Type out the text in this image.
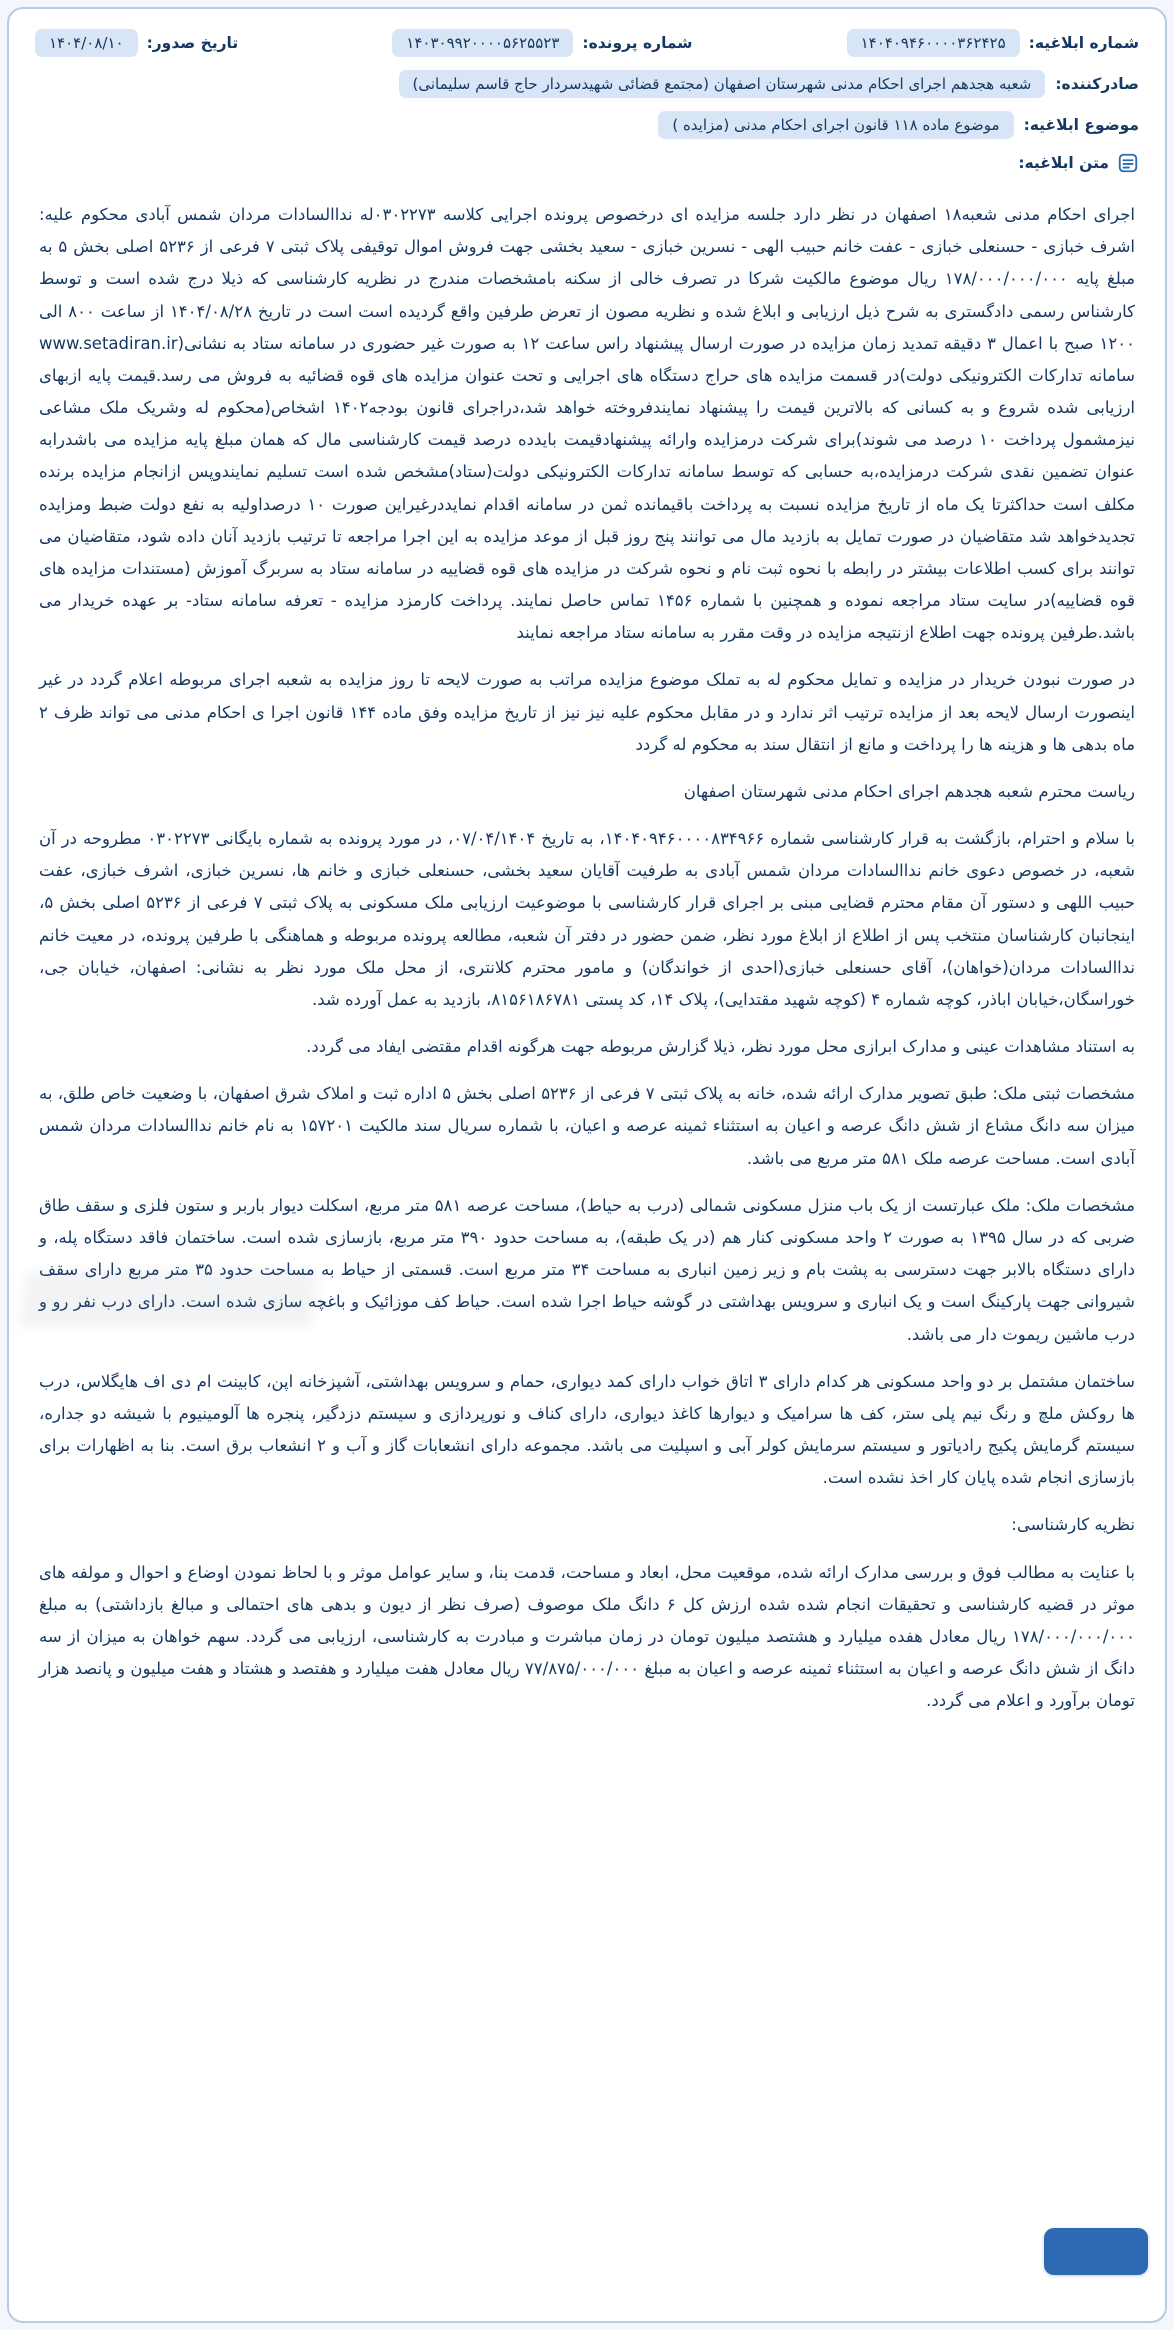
شماره ابلاغیه:
۱۴۰۴۰۹۴۶۰۰۰۰۳۶۲۴۲۵
شماره پرونده:
۱۴۰۳۰۹۹۲۰۰۰۰۵۶۲۵۵۲۳
تاریخ صدور:
۱۴۰۴/۰۸/۱۰
صادرکننده:
شعبه هجدهم اجرای احکام مدنی شهرستان اصفهان (مجتمع قضائی شهیدسردار حاج قاسم سلیمانی)
موضوع ابلاغیه:
موضوع ماده ۱۱۸ قانون اجرای احکام مدنی (مزایده )
متن ابلاغیه:

اجرای احکام مدنی شعبه۱۸ اصفهان در نظر دارد جلسه مزایده ای درخصوص پرونده اجرایی کلاسه ۰۳۰۲۲۷۳له نداالسادات مردان شمس آبادی محکوم علیه: اشرف خبازی - حسنعلی خبازی - عفت خانم حبیب الهی - نسرین خبازی - سعید بخشی جهت فروش اموال توقیفی پلاک ثبتی ۷ فرعی از ۵۲۳۶ اصلی بخش ۵ به مبلغ پایه ۱۷۸/۰۰۰/۰۰۰/۰۰۰ ریال موضوع مالکیت شرکا در تصرف خالی از سکنه بامشخصات مندرج در نظریه کارشناسی که ذیلا درج شده است و توسط کارشناس رسمی دادگستری به شرح ذیل ارزیابی و ابلاغ شده و نظریه مصون از تعرض طرفین واقع گردیده است است در تاریخ ۱۴۰۴/۰۸/۲۸ از ساعت ۸۰۰ الی ۱۲۰۰ صبح با اعمال ۳ دقیقه تمدید زمان مزایده در صورت ارسال پیشنهاد راس ساعت ۱۲ به صورت غیر حضوری در سامانه ستاد به نشانی(www.setadiran.ir سامانه تدارکات الکترونیکی دولت)در قسمت مزایده های حراج دستگاه های اجرایی و تحت عنوان مزایده های قوه قضائیه به فروش می رسد.قیمت پایه ازبهای ارزیابی شده شروع و به کسانی که بالاترین قیمت را پیشنهاد نمایندفروخته خواهد شد،دراجرای قانون بودجه۱۴۰۲ اشخاص(محکوم له وشریک ملک مشاعی نیزمشمول پرداخت ۱۰ درصد می شوند)برای شرکت درمزایده وارائه پیشنهادقیمت بایدده درصد قیمت کارشناسی مال که همان مبلغ پایه مزایده می باشدرابه عنوان تضمین نقدی شرکت درمزایده،به حسابی که توسط سامانه تدارکات الکترونیکی دولت(ستاد)مشخص شده است تسلیم نمایندوپس ازانجام مزایده برنده مکلف است حداکثرتا یک ماه از تاریخ مزایده نسبت به پرداخت باقیمانده ثمن در سامانه اقدام نمایددرغیراین صورت ۱۰ درصداولیه به نفع دولت ضبط ومزایده تجدیدخواهد شد متقاضیان در صورت تمایل به بازدید مال می توانند پنج روز قبل از موعد مزایده به این اجرا مراجعه تا ترتیب بازدید آنان داده شود، متقاضیان می توانند برای کسب اطلاعات بیشتر در رابطه با نحوه ثبت نام و نحوه شرکت در مزایده های قوه قضاییه در سامانه ستاد به سربرگ آموزش (مستندات مزایده های قوه قضاییه)در سایت ستاد مراجعه نموده و همچنین با شماره ۱۴۵۶ تماس حاصل نمایند. پرداخت کارمزد مزایده - تعرفه سامانه ستاد- بر عهده خریدار می باشد.طرفین پرونده جهت اطلاع ازنتیجه مزایده در وقت مقرر به سامانه ستاد مراجعه نمایند

در صورت نبودن خریدار در مزایده و تمایل محکوم له به تملک موضوع مزایده مراتب به صورت لایحه تا روز مزایده به شعبه اجرای مربوطه اعلام گردد در غیر اینصورت ارسال لایحه بعد از مزایده ترتیب اثر ندارد و در مقابل محکوم علیه نیز نیز از تاریخ مزایده وفق ماده ۱۴۴ قانون اجرا ی احکام مدنی می تواند ظرف ۲ ماه بدهی ها و هزینه ها را پرداخت و مانع از انتقال سند به محکوم له گردد

ریاست محترم شعبه هجدهم اجرای احکام مدنی شهرستان اصفهان

با سلام و احترام، بازگشت به قرار کارشناسی شماره ۱۴۰۴۰۹۴۶۰۰۰۰۸۳۴۹۶۶، به تاریخ ۰۷/۰۴/۱۴۰۴، در مورد پرونده به شماره بایگانی ۰۳۰۲۲۷۳ مطروحه در آن شعبه، در خصوص دعوی خانم نداالسادات مردان شمس آبادی به طرفیت آقایان سعید بخشی، حسنعلی خبازی و خانم ها، نسرین خبازی، اشرف خبازی، عفت حبیب اللهی و دستور آن مقام محترم قضایی مبنی بر اجرای قرار کارشناسی با موضوعیت ارزیابی ملک مسکونی به پلاک ثبتی ۷ فرعی از ۵۲۳۶ اصلی بخش ۵، اینجانبان کارشناسان منتخب پس از اطلاع از ابلاغ مورد نظر، ضمن حضور در دفتر آن شعبه، مطالعه پرونده مربوطه و هماهنگی با طرفین پرونده، در معیت خانم نداالسادات مردان(خواهان)، آقای حسنعلی خبازی(احدی از خواندگان) و مامور محترم کلانتری، از محل ملک مورد نظر به نشانی: اصفهان، خیابان جی، خوراسگان،خیابان اباذر، کوچه شماره ۴ (کوچه شهید مقتدایی)، پلاک ۱۴، کد پستی ۸۱۵۶۱۸۶۷۸۱، بازدید به عمل آورده شد.

به استناد مشاهدات عینی و مدارک ابرازی محل مورد نظر، ذیلا گزارش مربوطه جهت هرگونه اقدام مقتضی ایفاد می گردد.

مشخصات ثبتی ملک: طبق تصویر مدارک ارائه شده، خانه به پلاک ثبتی ۷ فرعی از ۵۲۳۶ اصلی بخش ۵ اداره ثبت و املاک شرق اصفهان، با وضعیت خاص طلق، به میزان سه دانگ مشاع از شش دانگ عرصه و اعیان به استثناء ثمینه عرصه و اعیان، با شماره سریال سند مالکیت ۱۵۷۲۰۱ به نام خانم نداالسادات مردان شمس آبادی است. مساحت عرصه ملک ۵۸۱ متر مربع می باشد.

مشخصات ملک: ملک عبارتست از یک باب منزل مسکونی شمالی (درب به حیاط)، مساحت عرصه ۵۸۱ متر مربع، اسکلت دیوار باربر و ستون فلزی و سقف طاق ضربی که در سال ۱۳۹۵ به صورت ۲ واحد مسکونی کنار هم (در یک طبقه)، به مساحت حدود ۳۹۰ متر مربع، بازسازی شده است. ساختمان فاقد دستگاه پله، و دارای دستگاه بالابر جهت دسترسی به پشت بام و زیر زمین انباری به مساحت ۳۴ متر مربع است. قسمتی از حیاط به مساحت حدود ۳۵ متر مربع دارای سقف شیروانی جهت پارکینگ است و یک انباری و سرویس بهداشتی در گوشه حیاط اجرا شده است. حیاط کف موزائیک و باغچه سازی شده است. دارای درب نفر رو و درب ماشین ریموت دار می باشد.

ساختمان مشتمل بر دو واحد مسکونی هر کدام دارای ۳ اتاق خواب دارای کمد دیواری، حمام و سرویس بهداشتی، آشپزخانه اپن، کابینت ام دی اف هایگلاس، درب ها روکش ملچ و رنگ نیم پلی ستر، کف ها سرامیک و دیوارها کاغذ دیواری، دارای کناف و نورپردازی و سیستم دزدگیر، پنجره ها آلومینیوم با شیشه دو جداره، سیستم گرمایش پکیج رادیاتور و سیستم سرمایش کولر آبی و اسپلیت می باشد. مجموعه دارای انشعابات گاز و آب و ۲ انشعاب برق است. بنا به اظهارات برای بازسازی انجام شده پایان کار اخذ نشده است.

نظریه کارشناسی:

با عنایت به مطالب فوق و بررسی مدارک ارائه شده، موقعیت محل، ابعاد و مساحت، قدمت بنا، و سایر عوامل موثر و با لحاظ نمودن اوضاع و احوال و مولفه های موثر در قضیه کارشناسی و تحقیقات انجام شده شده ارزش کل ۶ دانگ ملک موصوف (صرف نظر از دیون و بدهی های احتمالی و مبالغ بازداشتی) به مبلغ ۱۷۸/۰۰۰/۰۰۰/۰۰۰ ریال معادل هفده میلیارد و هشتصد میلیون تومان در زمان مباشرت و مبادرت به کارشناسی، ارزیابی می گردد. سهم خواهان به میزان از سه دانگ از شش دانگ عرصه و اعیان به استثناء ثمینه عرصه و اعیان به مبلغ ۷۷/۸۷۵/۰۰۰/۰۰۰ ریال معادل هفت میلیارد و هفتصد و هشتاد و هفت میلیون و پانصد هزار تومان برآورد و اعلام می گردد.
